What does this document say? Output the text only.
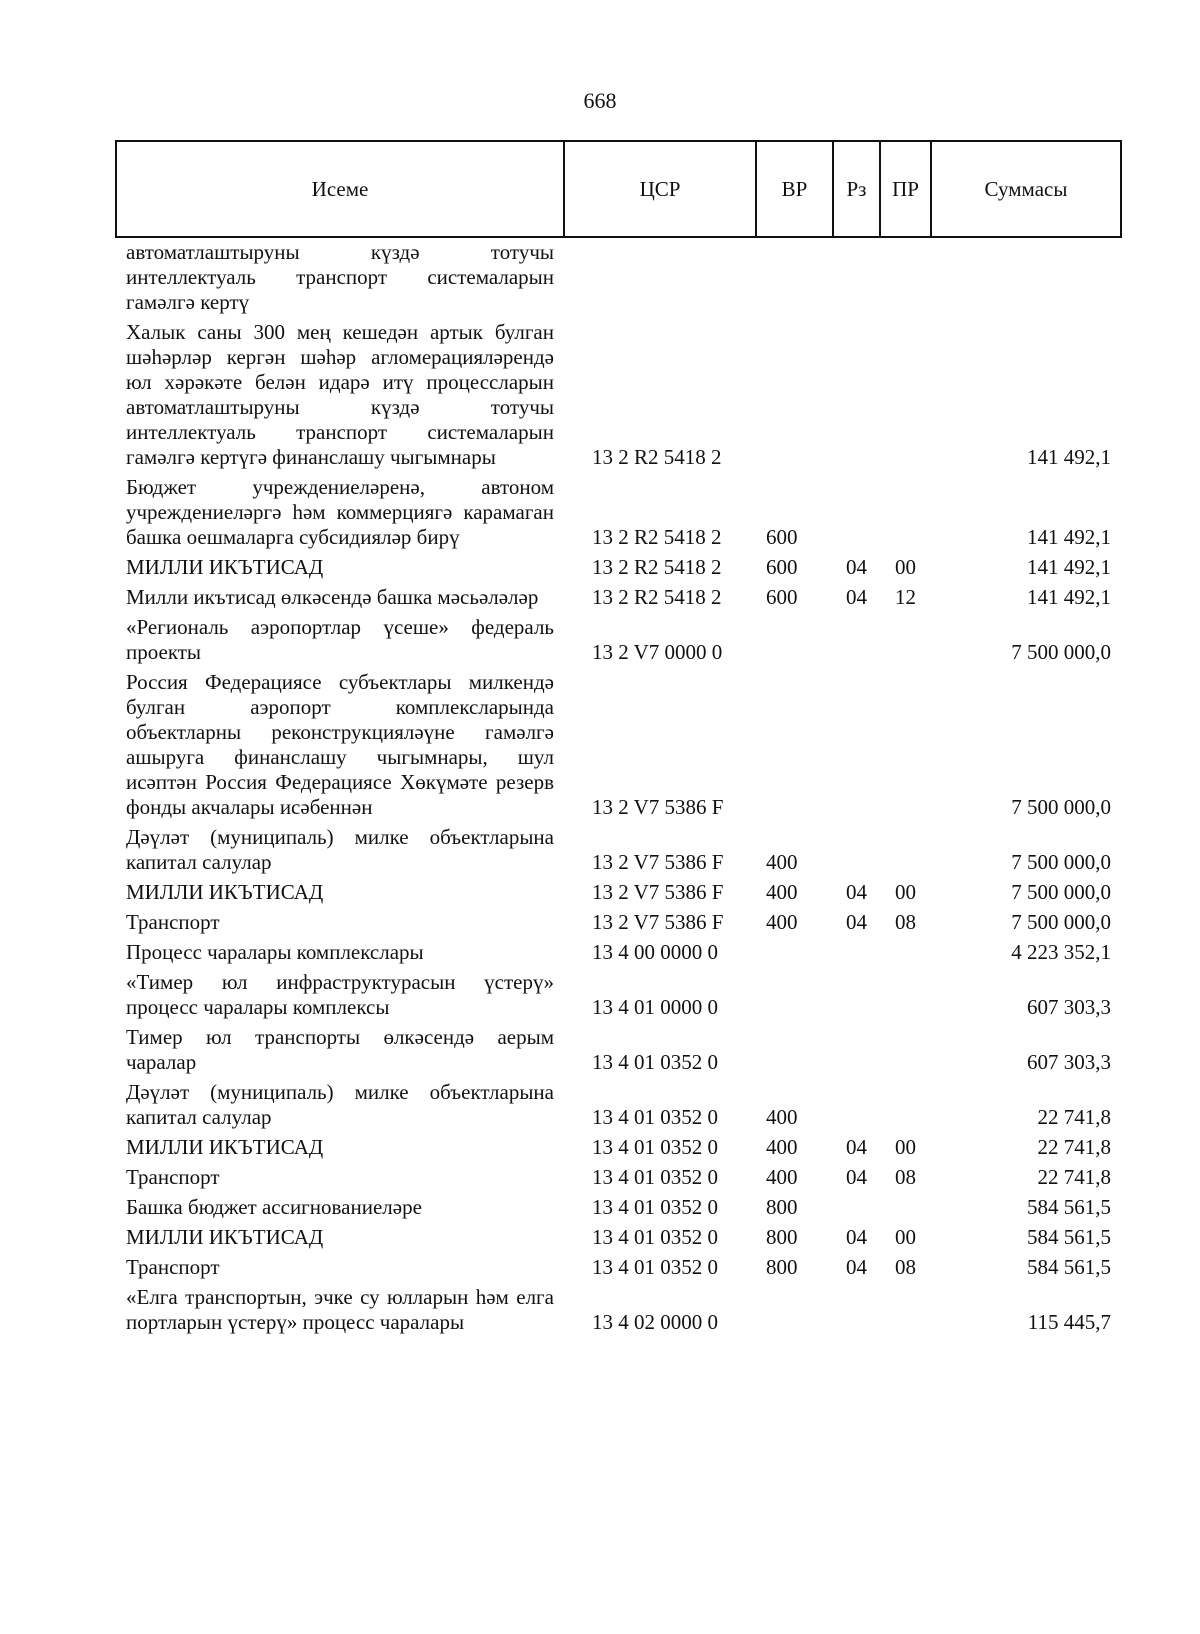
668
Исеме	ЦСР	ВР	Рз	ПР	Суммасы
автоматлаштыруны күздә тотучы интеллектуаль транспорт системаларын гамәлгә кертү					
Халык саны 300 мең кешедән артык булган шәһәрләр кергән шәһәр агломерацияләрендә юл хәрәкәте белән идарә итү процессларын автоматлаштыруны күздә тотучы интеллектуаль транспорт системаларын гамәлгә кертүгә финанслашу чыгымнары	13 2 R2 5418 2				141 492,1
Бюджет учреждениеләренә, автоном учреждениеләргә һәм коммерциягә карамаган башка оешмаларга субсидияләр бирү	13 2 R2 5418 2	600			141 492,1
МИЛЛИ ИКЪТИСАД	13 2 R2 5418 2	600	04	00	141 492,1
Милли икътисад өлкәсендә башка мәсьәләләр	13 2 R2 5418 2	600	04	12	141 492,1
«Региональ аэропортлар үсеше» федераль проекты	13 2 V7 0000 0				7 500 000,0
Россия Федерациясе субъектлары милкендә булган аэропорт комплексларында объектларны реконструкцияләүне гамәлгә ашыруга финанслашу чыгымнары, шул исәптән Россия Федерациясе Хөкүмәте резерв фонды акчалары исәбеннән	13 2 V7 5386 F				7 500 000,0
Дәүләт (муниципаль) милке объектларына капитал салулар	13 2 V7 5386 F	400			7 500 000,0
МИЛЛИ ИКЪТИСАД	13 2 V7 5386 F	400	04	00	7 500 000,0
Транспорт	13 2 V7 5386 F	400	04	08	7 500 000,0
Процесс чаралары комплекслары	13 4 00 0000 0				4 223 352,1
«Тимер юл инфраструктурасын үстерү» процесс чаралары комплексы	13 4 01 0000 0				607 303,3
Тимер юл транспорты өлкәсендә аерым чаралар	13 4 01 0352 0				607 303,3
Дәүләт (муниципаль) милке объектларына капитал салулар	13 4 01 0352 0	400			22 741,8
МИЛЛИ ИКЪТИСАД	13 4 01 0352 0	400	04	00	22 741,8
Транспорт	13 4 01 0352 0	400	04	08	22 741,8
Башка бюджет ассигнованиеләре	13 4 01 0352 0	800			584 561,5
МИЛЛИ ИКЪТИСАД	13 4 01 0352 0	800	04	00	584 561,5
Транспорт	13 4 01 0352 0	800	04	08	584 561,5
«Елга транспортын, эчке су юлларын һәм елга портларын үстерү» процесс чаралары	13 4 02 0000 0				115 445,7
